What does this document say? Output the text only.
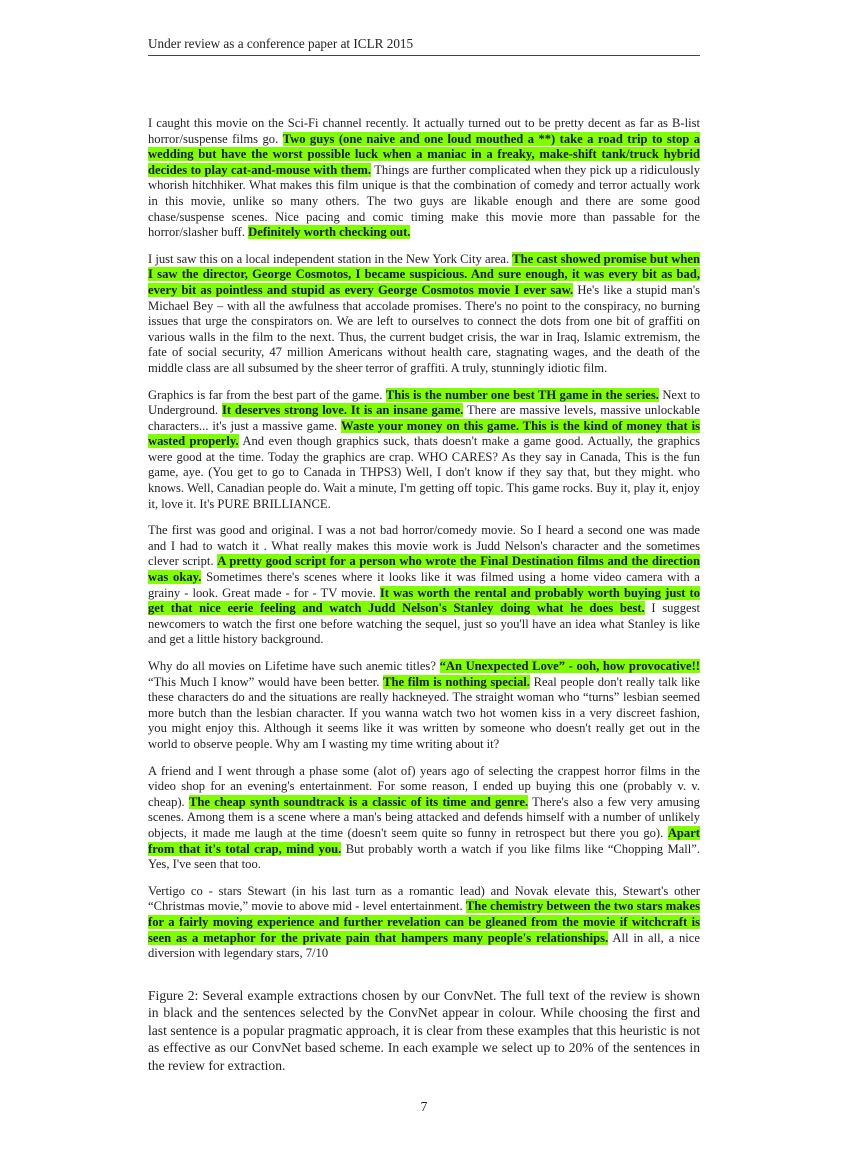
Under review as a conference paper at ICLR 2015

I caught this movie on the Sci-Fi channel recently. It actually turned out to be pretty decent as far as B-list horror/suspense films go. Two guys (one naive and one loud mouthed a **) take a road trip to stop a wedding but have the worst possible luck when a maniac in a freaky, make-shift tank/truck hybrid decides to play cat-and-mouse with them. Things are further complicated when they pick up a ridiculously whorish hitchhiker. What makes this film unique is that the combination of comedy and terror actually work in this movie, unlike so many others. The two guys are likable enough and there are some good chase/suspense scenes. Nice pacing and comic timing make this movie more than passable for the horror/slasher buff. Definitely worth checking out.

I just saw this on a local independent station in the New York City area. The cast showed promise but when I saw the director, George Cosmotos, I became suspicious. And sure enough, it was every bit as bad, every bit as pointless and stupid as every George Cosmotos movie I ever saw. He's like a stupid man's Michael Bey – with all the awfulness that accolade promises. There's no point to the conspiracy, no burning issues that urge the conspirators on. We are left to ourselves to connect the dots from one bit of graffiti on various walls in the film to the next. Thus, the current budget crisis, the war in Iraq, Islamic extremism, the fate of social security, 47 million Americans without health care, stagnating wages, and the death of the middle class are all subsumed by the sheer terror of graffiti. A truly, stunningly idiotic film.

Graphics is far from the best part of the game. This is the number one best TH game in the series. Next to Underground. It deserves strong love. It is an insane game. There are massive levels, massive unlockable characters... it's just a massive game. Waste your money on this game. This is the kind of money that is wasted properly. And even though graphics suck, thats doesn't make a game good. Actually, the graphics were good at the time. Today the graphics are crap. WHO CARES? As they say in Canada, This is the fun game, aye. (You get to go to Canada in THPS3) Well, I don't know if they say that, but they might. who knows. Well, Canadian people do. Wait a minute, I'm getting off topic. This game rocks. Buy it, play it, enjoy it, love it. It's PURE BRILLIANCE.

The first was good and original. I was a not bad horror/comedy movie. So I heard a second one was made and I had to watch it . What really makes this movie work is Judd Nelson's character and the sometimes clever script. A pretty good script for a person who wrote the Final Destination films and the direction was okay. Sometimes there's scenes where it looks like it was filmed using a home video camera with a grainy - look. Great made - for - TV movie. It was worth the rental and probably worth buying just to get that nice eerie feeling and watch Judd Nelson's Stanley doing what he does best. I suggest newcomers to watch the first one before watching the sequel, just so you'll have an idea what Stanley is like and get a little history background.

Why do all movies on Lifetime have such anemic titles? “An Unexpected Love” - ooh, how provocative!! “This Much I know” would have been better. The film is nothing special. Real people don't really talk like these characters do and the situations are really hackneyed. The straight woman who “turns” lesbian seemed more butch than the lesbian character. If you wanna watch two hot women kiss in a very discreet fashion, you might enjoy this. Although it seems like it was written by someone who doesn't really get out in the world to observe people. Why am I wasting my time writing about it?

A friend and I went through a phase some (alot of) years ago of selecting the crappest horror films in the video shop for an evening's entertainment. For some reason, I ended up buying this one (probably v. v. cheap). The cheap synth soundtrack is a classic of its time and genre. There's also a few very amusing scenes. Among them is a scene where a man's being attacked and defends himself with a number of unlikely objects, it made me laugh at the time (doesn't seem quite so funny in retrospect but there you go). Apart from that it's total crap, mind you. But probably worth a watch if you like films like “Chopping Mall”. Yes, I've seen that too.

Vertigo co - stars Stewart (in his last turn as a romantic lead) and Novak elevate this, Stewart's other “Christmas movie,” movie to above mid - level entertainment. The chemistry between the two stars makes for a fairly moving experience and further revelation can be gleaned from the movie if witchcraft is seen as a metaphor for the private pain that hampers many people's relationships. All in all, a nice diversion with legendary stars, 7/10

Figure 2: Several example extractions chosen by our ConvNet. The full text of the review is shown in black and the sentences selected by the ConvNet appear in colour. While choosing the first and last sentence is a popular pragmatic approach, it is clear from these examples that this heuristic is not as effective as our ConvNet based scheme. In each example we select up to 20% of the sentences in the review for extraction.
7
